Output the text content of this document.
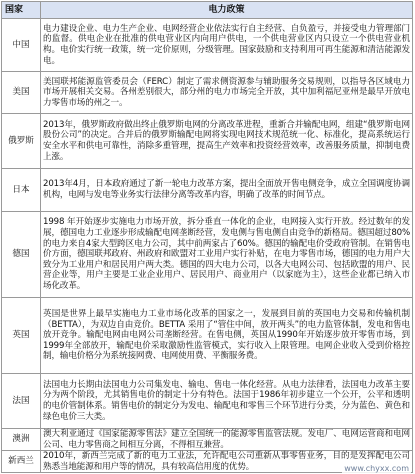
国家	电力政策
中国	电力建设企业、电力生产企业、电网经营企业依法实行自主经营、自负盈亏，并接受电力管理部门的监督。供电企业在批准的供电营业区内向用户供电，一个供电营业区内只设立一个供电营业机构。电价实行统一政策，统一定价原则，分级管理。国家鼓励和支持利用可再生能源和清洁能源发电。
美国	美国联邦能源监管委员会（FERC）制定了需求侧资源参与辅助服务交易规则，以指导各区域电力市场开展相关交易。各州差别很大，部分州的电力市场完全开放，其中加利福尼亚州是最早开放电力零售市场的州之一。
俄罗斯	2013年，俄罗斯政府做出终止俄罗斯电网的分离改革进程，重新合并输配电网，组建“俄罗斯电网股份公司”的决定。合并后的俄罗斯输配电网将实现电网技术规范统一化、标准化，提高系统运行安全水平和供电可靠性，消除多重管理，提高生产效率和投资经营效率，改善服务质量，抑制电费上涨。
日本	2013年4月，日本政府通过了新一轮电力改革方案，提出全面放开售电侧竞争，成立全国调度协调机构，电网与发电等业务实行法律分离等改革内容，明确了改革的时间节点。
德国	1998 年开始逐步实施电力市场开放，拆分垂直一体化的企业，电网接入实行开放。经过数年的发展，德国电力工业逐步形成输配电网垄断经营，发电侧与售电侧自由竞争的新格局。德国超过80%的电力来自4家大型跨区电力公司，其中前两家占了60%。德国的输配电价受政府管制。在销售电价方面，德国联邦政府、州政府和欧盟对工业用户实行补贴，在电力零售市场，德国的电力用户大致分为工业用户和居民用户两大类。德国的四大电力公司，以各大电网公司、包括欧盟的用户、民营企业等，用户主要是工业企业用户、居民用户、商业用户（以家庭为主），这些企业都已纳入市场化改革。
英国	英国是世界上最早实施电力工业市场化改革的国家之一，发展到目前的英国电力交易和传输机制（BETTA），为双边自由竞价。BETTA 采用了“管住中间，放开两头”的电力监管体制，发电和售电放开竞争。输配电网由电网公司垄断经营。在售电侧，英国从1990年开始逐步放开零售市场，到1999年全部放开，输配电价采取激励性监管模式，实行收入上限管理。电网企业收入受到价格控制，输电价格分为系统接网费、电网使用费、平衡服务费。
法国	法国电力长期由法国电力公司集发电、输电、售电一体化经营。从电力法律看，法国电力改革主要分为两个阶段，尤其销售电价的制定十分有特色。法国于1986年初步建立一个公开，公平和透明的电价管制体系。销售电价的制定分为发电、输配电和零售三个环节进行分类，分为蓝色、黄色和绿色电价三大类。
澳洲	澳大利亚通过《国家能源零售法》建立全国统一的能源零售监管法规。发电厂、电网运营商和电网公司、电力零售商之间相互分离，不得相互兼营。
新西兰	2010年，新西兰完成了新的电力工业法，允许配电公司重新从事零售业务，目的是发挥配电公司熟悉当地能源和用户等的情况，具有较高信用度的优势。	www.chyxx.com
